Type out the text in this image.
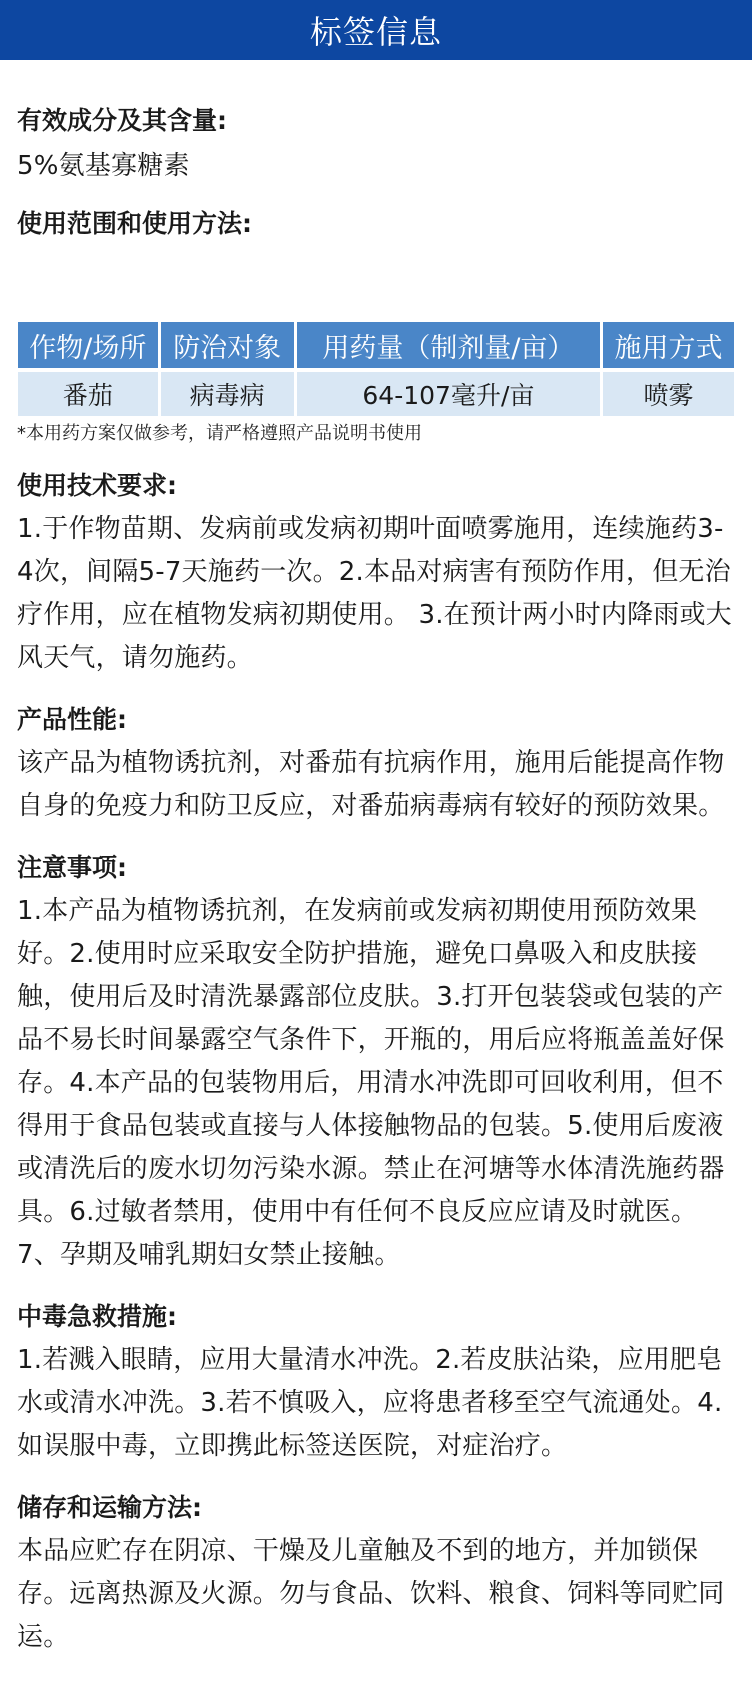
标签信息
有效成分及其含量:

5%氨基寡糖素

使用范围和使用方法:
作物/场所	防治对象	用药量（制剂量/亩）	施用方式
番茄	病毒病	64-107毫升/亩	喷雾
*本用药方案仅做参考，请严格遵照产品说明书使用
使用技术要求:

1.于作物苗期、发病前或发病初期叶面喷雾施用，连续施药3-4次，间隔5-7天施药一次。2.本品对病害有预防作用，但无治疗作用，应在植物发病初期使用。 3.在预计两小时内降雨或大风天气，请勿施药。

产品性能:

该产品为植物诱抗剂，对番茄有抗病作用，施用后能提高作物自身的免疫力和防卫反应，对番茄病毒病有较好的预防效果。

注意事项:

1.本产品为植物诱抗剂，在发病前或发病初期使用预防效果好。2.使用时应采取安全防护措施，避免口鼻吸入和皮肤接触，使用后及时清洗暴露部位皮肤。3.打开包装袋或包装的产品不易长时间暴露空气条件下，开瓶的，用后应将瓶盖盖好保存。4.本产品的包装物用后，用清水冲洗即可回收利用，但不得用于食品包装或直接与人体接触物品的包装。5.使用后废液或清洗后的废水切勿污染水源。禁止在河塘等水体清洗施药器具。6.过敏者禁用，使用中有任何不良反应应请及时就医。7、孕期及哺乳期妇女禁止接触。

中毒急救措施:

1.若溅入眼睛，应用大量清水冲洗。2.若皮肤沾染，应用肥皂水或清水冲洗。3.若不慎吸入，应将患者移至空气流通处。4.如误服中毒，立即携此标签送医院，对症治疗。

储存和运输方法:

本品应贮存在阴凉、干燥及儿童触及不到的地方，并加锁保存。远离热源及火源。勿与食品、饮料、粮食、饲料等同贮同运。
